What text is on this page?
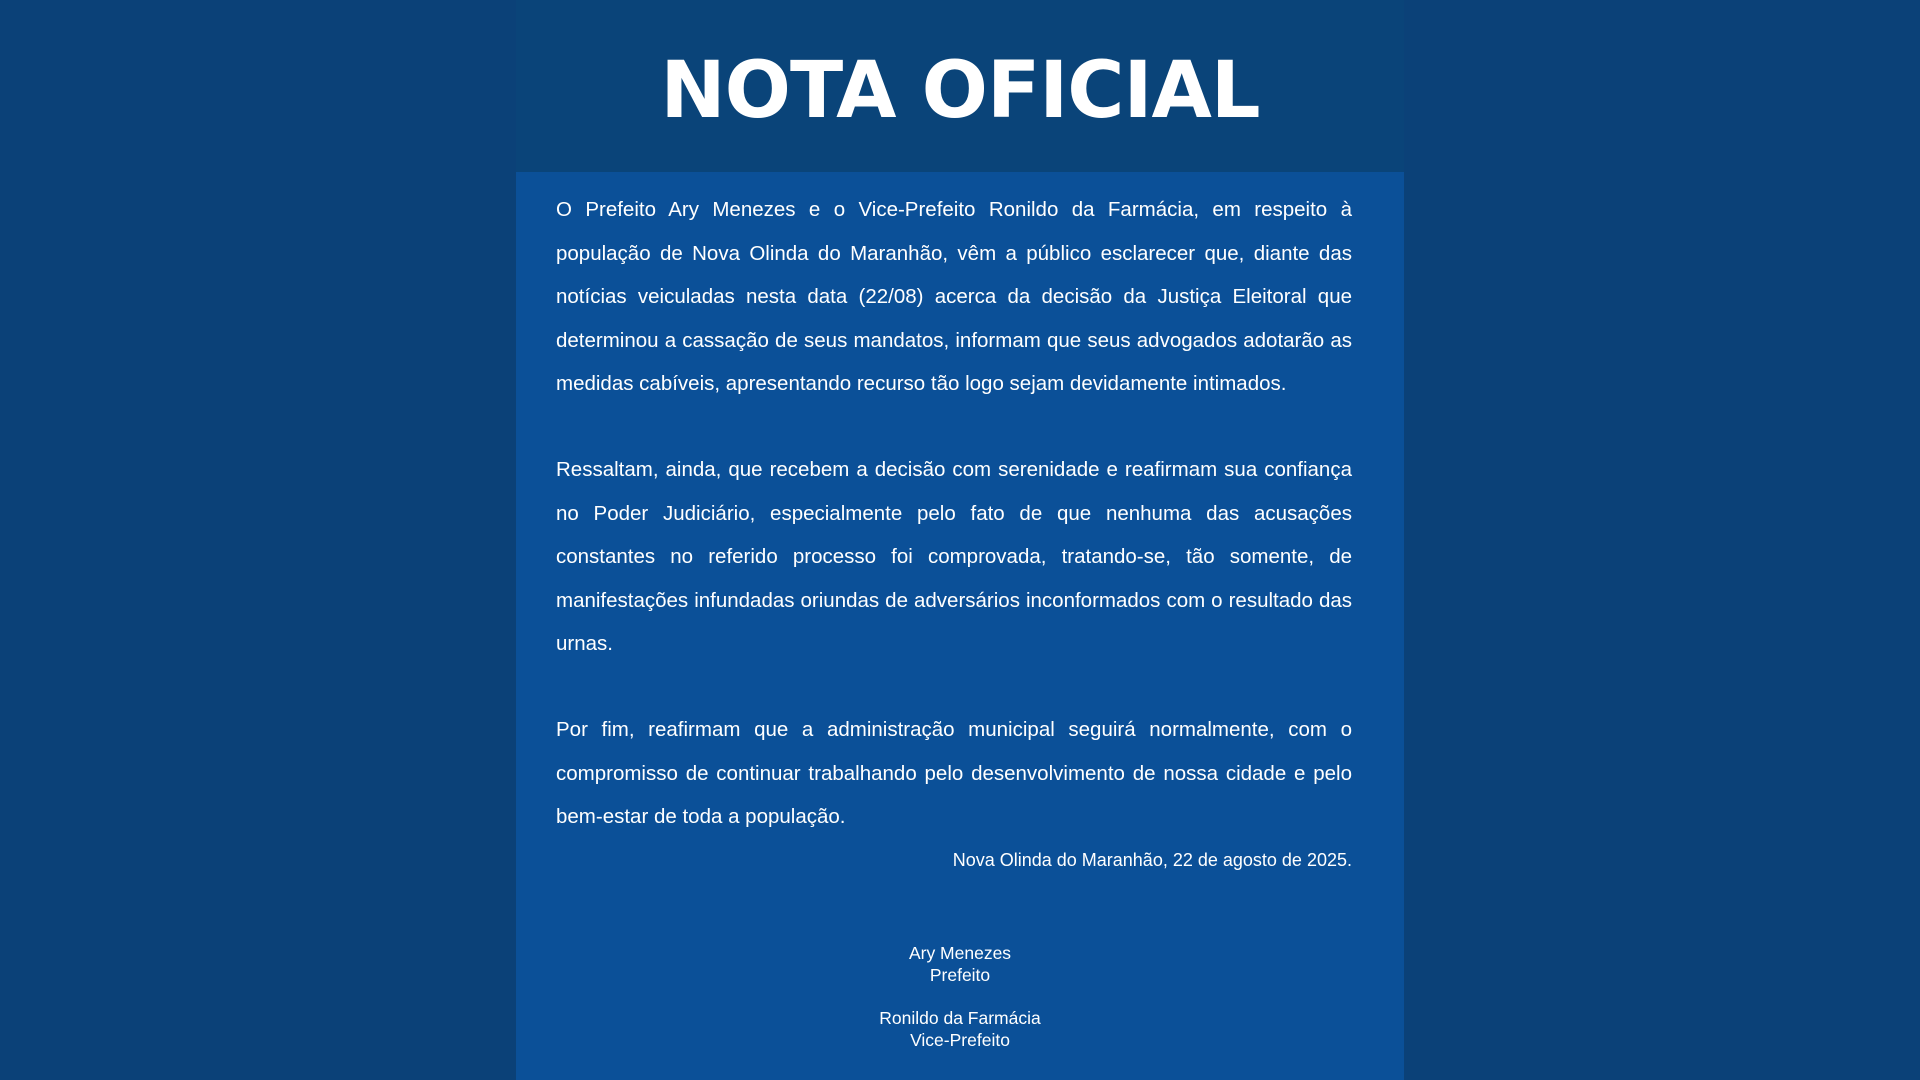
NOTA OFICIAL

O Prefeito Ary Menezes e o Vice-Prefeito Ronildo da Farmácia, em respeito à população de Nova Olinda do Maranhão, vêm a público esclarecer que, diante das notícias veiculadas nesta data (22/08) acerca da decisão da Justiça Eleitoral que determinou a cassação de seus mandatos, informam que seus advogados adotarão as medidas cabíveis, apresentando recurso tão logo sejam devidamente intimados.

Ressaltam, ainda, que recebem a decisão com serenidade e reafirmam sua confiança no Poder Judiciário, especialmente pelo fato de que nenhuma das acusações constantes no referido processo foi comprovada, tratando-se, tão somente, de manifestações infundadas oriundas de adversários inconformados com o resultado das urnas.

Por fim, reafirmam que a administração municipal seguirá normalmente, com o compromisso de continuar trabalhando pelo desenvolvimento de nossa cidade e pelo bem-estar de toda a população.

Nova Olinda do Maranhão, 22 de agosto de 2025.

Ary Menezes
Prefeito
Ronildo da Farmácia
Vice-Prefeito
